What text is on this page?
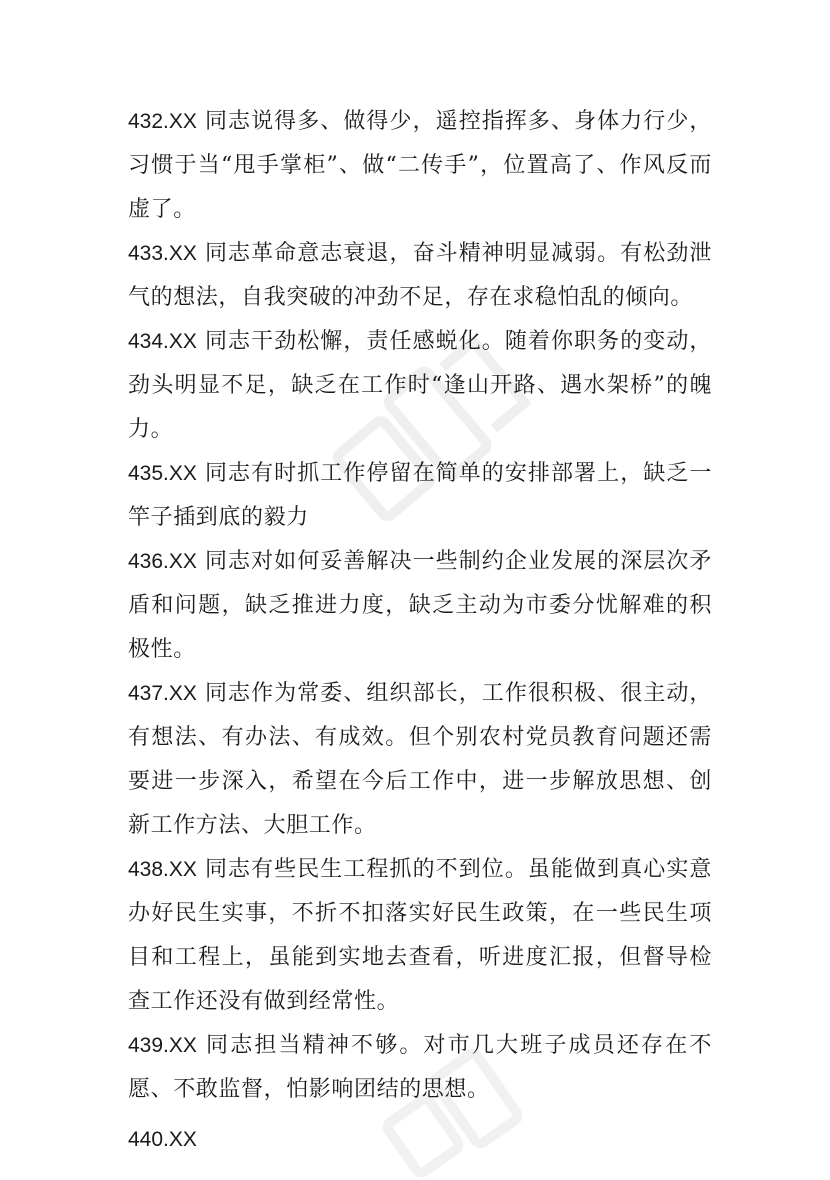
432.XX 同志说得多、做得少，遥控指挥多、身体力行少，习惯于当“甩手掌柜”、做“二传手”，位置高了、作风反而虚了。

433.XX 同志革命意志衰退，奋斗精神明显减弱。有松劲泄气的想法，自我突破的冲劲不足，存在求稳怕乱的倾向。

434.XX 同志干劲松懈，责任感蜕化。随着你职务的变动，劲头明显不足，缺乏在工作时“逢山开路、遇水架桥”的魄力。

435.XX 同志有时抓工作停留在简单的安排部署上，缺乏一竿子插到底的毅力

436.XX 同志对如何妥善解决一些制约企业发展的深层次矛盾和问题，缺乏推进力度，缺乏主动为市委分忧解难的积极性。

437.XX 同志作为常委、组织部长，工作很积极、很主动，有想法、有办法、有成效。但个别农村党员教育问题还需要进一步深入，希望在今后工作中，进一步解放思想、创新工作方法、大胆工作。

438.XX 同志有些民生工程抓的不到位。虽能做到真心实意办好民生实事，不折不扣落实好民生政策，在一些民生项目和工程上，虽能到实地去查看，听进度汇报，但督导检查工作还没有做到经常性。

439.XX 同志担当精神不够。对市几大班子成员还存在不愿、不敢监督，怕影响团结的思想。

440.XX
